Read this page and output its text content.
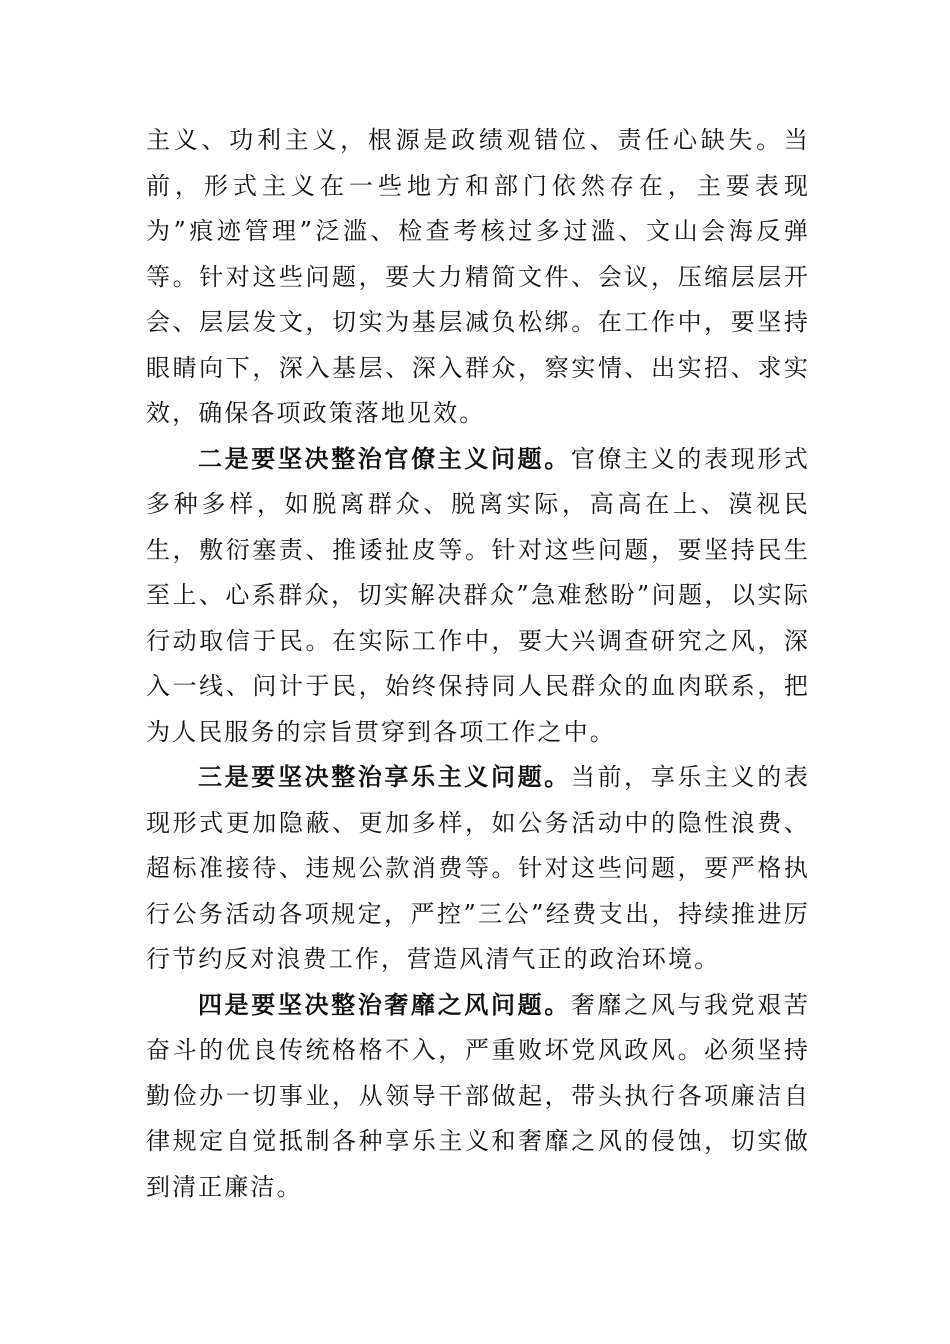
主义、功利主义，根源是政绩观错位、责任心缺失。当前，形式主义在一些地方和部门依然存在，主要表现为”痕迹管理”泛滥、检查考核过多过滥、文山会海反弹等。针对这些问题，要大力精简文件、会议，压缩层层开会、层层发文，切实为基层减负松绑。在工作中，要坚持眼睛向下，深入基层、深入群众，察实情、出实招、求实效，确保各项政策落地见效。

二是要坚决整治官僚主义问题。官僚主义的表现形式多种多样，如脱离群众、脱离实际，高高在上、漠视民生，敷衍塞责、推诿扯皮等。针对这些问题，要坚持民生至上、心系群众，切实解决群众”急难愁盼”问题，以实际行动取信于民。在实际工作中，要大兴调查研究之风，深入一线、问计于民，始终保持同人民群众的血肉联系，把为人民服务的宗旨贯穿到各项工作之中。

三是要坚决整治享乐主义问题。当前，享乐主义的表现形式更加隐蔽、更加多样，如公务活动中的隐性浪费、超标准接待、违规公款消费等。针对这些问题，要严格执行公务活动各项规定，严控”三公”经费支出，持续推进厉行节约反对浪费工作，营造风清气正的政治环境。

四是要坚决整治奢靡之风问题。奢靡之风与我党艰苦奋斗的优良传统格格不入，严重败坏党风政风。必须坚持勤俭办一切事业，从领导干部做起，带头执行各项廉洁自律规定自觉抵制各种享乐主义和奢靡之风的侵蚀，切实做到清正廉洁。
